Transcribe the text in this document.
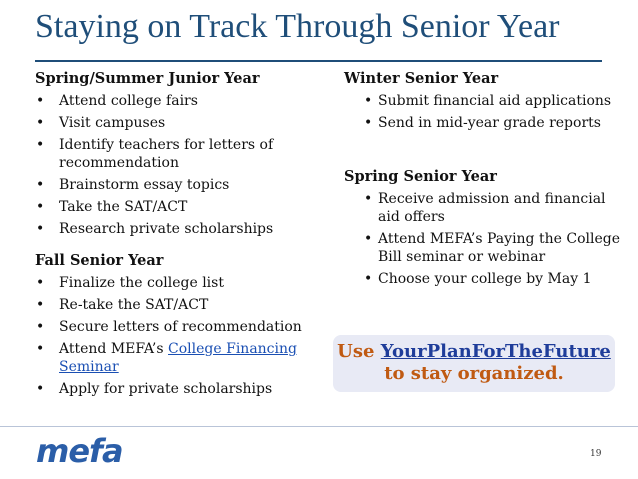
Staying on Track Through Senior Year
Spring/Summer Junior Year
• Attend college fairs
• Visit campuses
• Identify teachers for letters of recommendation
• Brainstorm essay topics
• Take the SAT/ACT
• Research private scholarships
Fall Senior Year
• Finalize the college list
• Re-take the SAT/ACT
• Secure letters of recommendation
• Attend MEFA’s College Financing Seminar
• Apply for private scholarships
Winter Senior Year
• Submit financial aid applications
• Send in mid-year grade reports
Spring Senior Year
• Receive admission and financial aid offers
• Attend MEFA’s Paying the College Bill seminar or webinar
• Choose your college by May 1
Use YourPlanForTheFuture
to stay organized.
mefa	19
